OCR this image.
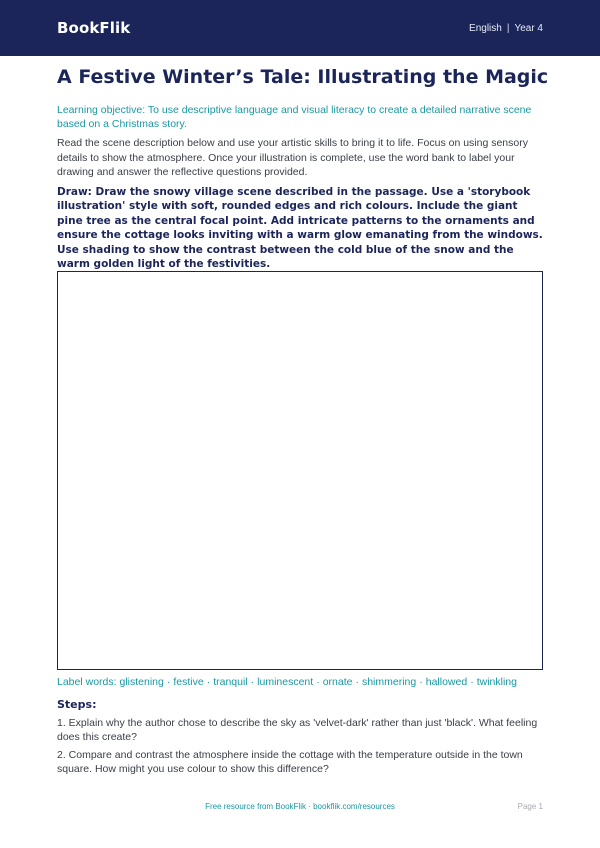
BookFlik	English | Year 4
A Festive Winter’s Tale: Illustrating the Magic

Learning objective: To use descriptive language and visual literacy to create a detailed narrative scene based on a Christmas story.

Read the scene description below and use your artistic skills to bring it to life. Focus on using sensory details to show the atmosphere. Once your illustration is complete, use the word bank to label your drawing and answer the reflective questions provided.

Draw: Draw the snowy village scene described in the passage. Use a 'storybook illustration' style with soft, rounded edges and rich colours. Include the giant pine tree as the central focal point. Add intricate patterns to the ornaments and ensure the cottage looks inviting with a warm glow emanating from the windows. Use shading to show the contrast between the cold blue of the snow and the warm golden light of the festivities.

Label words: glistening · festive · tranquil · luminescent · ornate · shimmering · hallowed · twinkling

Steps:
1. Explain why the author chose to describe the sky as 'velvet-dark' rather than just 'black'. What feeling does this create?
2. Compare and contrast the atmosphere inside the cottage with the temperature outside in the town square. How might you use colour to show this difference?
Free resource from BookFlik · bookflik.com/resources	Page 1
